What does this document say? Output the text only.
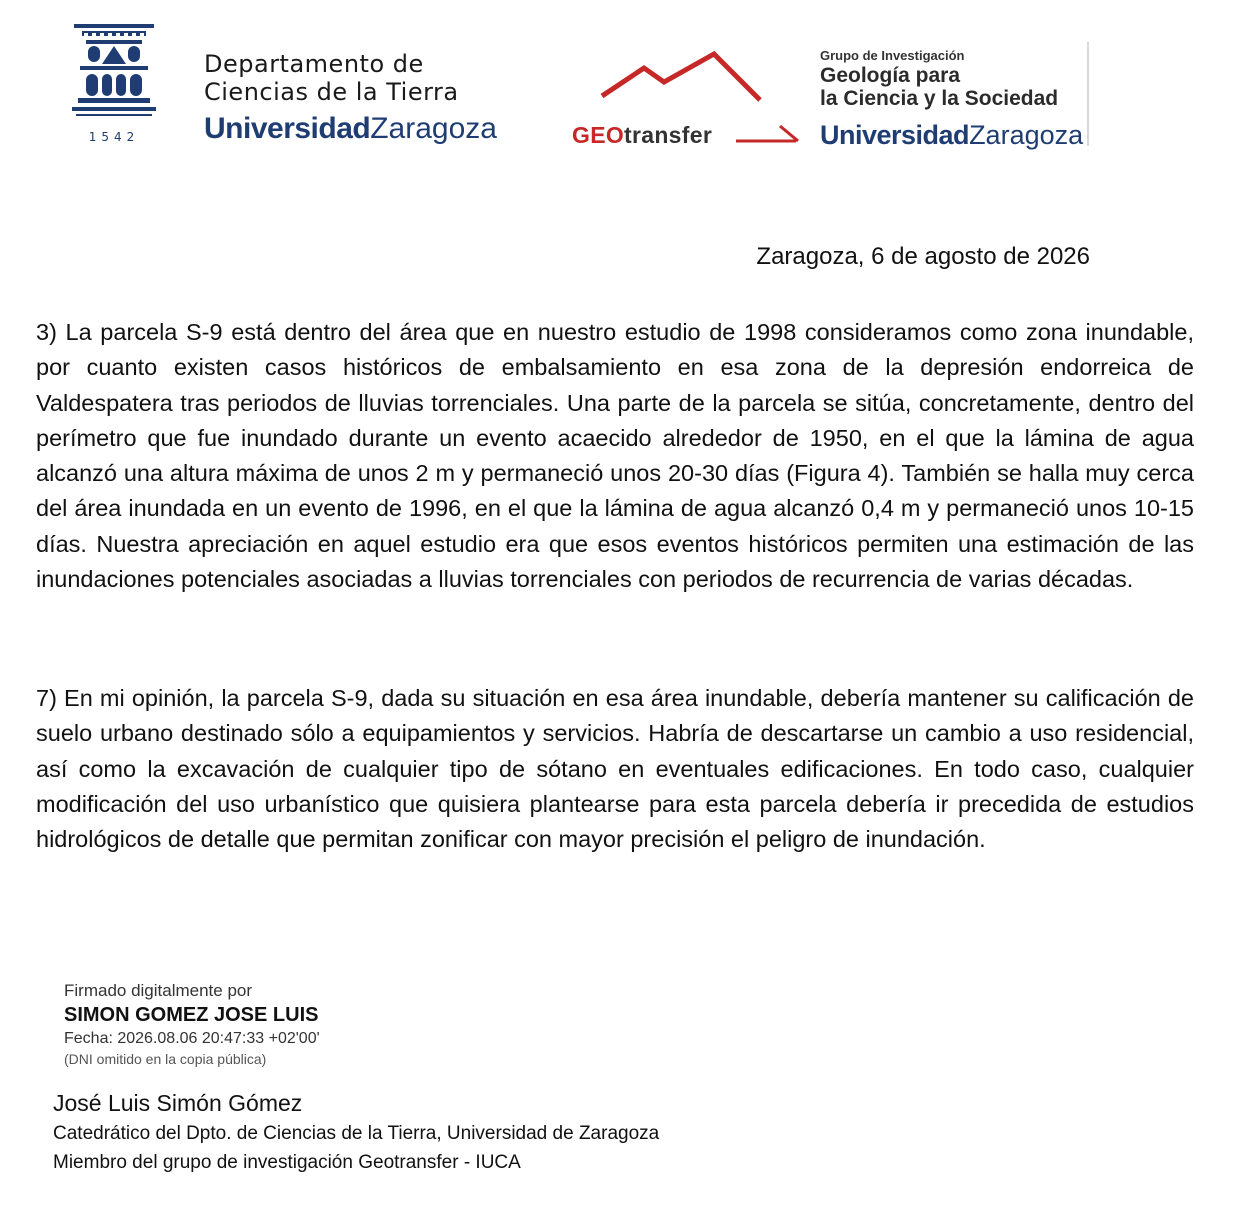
1542
Departamento de
Ciencias de la Tierra
UniversidadZaragoza	GEOtransfer
Grupo de Investigación
Geología para
la Ciencia y la Sociedad
UniversidadZaragoza
Zaragoza, 6 de agosto de 2026

3) La parcela S-9 está dentro del área que en nuestro estudio de 1998 consideramos como zona inundable, por cuanto existen casos históricos de embalsamiento en esa zona de la depresión endorreica de Valdespatera tras periodos de lluvias torrenciales. Una parte de la parcela se sitúa, concretamente, dentro del perímetro que fue inundado durante un evento acaecido alrededor de 1950, en el que la lámina de agua alcanzó una altura máxima de unos 2 m y permaneció unos 20-30 días (Figura 4). También se halla muy cerca del área inundada en un evento de 1996, en el que la lámina de agua alcanzó 0,4 m y permaneció unos 10-15 días. Nuestra apreciación en aquel estudio era que esos eventos históricos permiten una estimación de las inundaciones potenciales asociadas a lluvias torrenciales con periodos de recurrencia de varias décadas.

7) En mi opinión, la parcela S-9, dada su situación en esa área inundable, debería mantener su calificación de suelo urbano destinado sólo a equipamientos y servicios. Habría de descartarse un cambio a uso residencial, así como la excavación de cualquier tipo de sótano en eventuales edificaciones. En todo caso, cualquier modificación del uso urbanístico que quisiera plantearse para esta parcela debería ir precedida de estudios hidrológicos de detalle que permitan zonificar con mayor precisión el peligro de inundación.

Firmado digitalmente por
SIMON GOMEZ JOSE LUIS
Fecha: 2026.08.06 20:47:33 +02'00'
(DNI omitido en la copia pública)
José Luis Simón Gómez
Catedrático del Dpto. de Ciencias de la Tierra, Universidad de Zaragoza
Miembro del grupo de investigación Geotransfer - IUCA
